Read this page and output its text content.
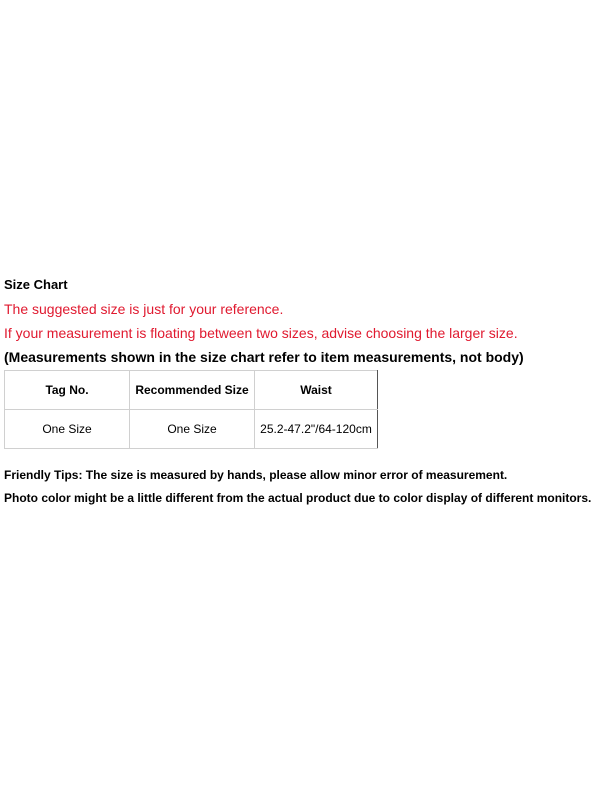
Size Chart
The suggested size is just for your reference.
If your measurement is floating between two sizes, advise choosing the larger size.
(Measurements shown in the size chart refer to item measurements, not body)
Tag No.	Recommended Size	Waist
One Size	One Size	25.2-47.2"/64-120cm
Friendly Tips: The size is measured by hands, please allow minor error of measurement.
Photo color might be a little different from the actual product due to color display of different monitors.
